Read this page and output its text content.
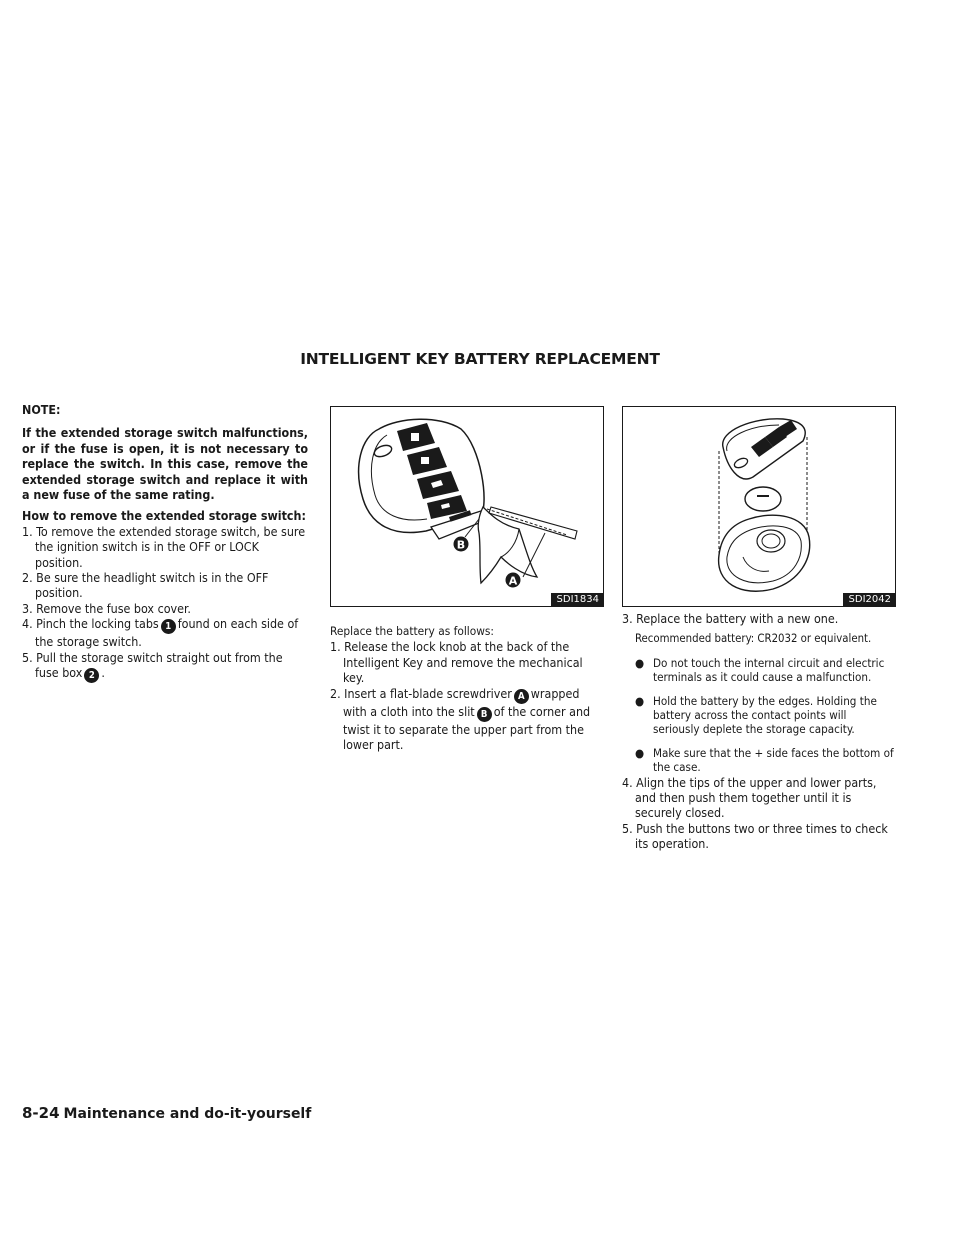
INTELLIGENT KEY BATTERY REPLACEMENT

NOTE:

If the extended storage switch malfunctions, or if the fuse is open, it is not necessary to replace the switch. In this case, remove the extended storage switch and replace it with a new fuse of the same rating.

How to remove the extended storage switch:

1. To remove the extended storage switch, be sure the ignition switch is in the OFF or LOCK position.

2. Be sure the headlight switch is in the OFF position.

3. Remove the fuse box cover.

4. Pinch the locking tabs 1 found on each side of the storage switch.

5. Pull the storage switch straight out from the fuse box 2 .

B
A
SDI1834

Replace the battery as follows:

1. Release the lock knob at the back of the Intelligent Key and remove the mechanical key.

2. Insert a flat-blade screwdriver A wrapped with a cloth into the slit B of the corner and twist it to separate the upper part from the lower part.

SDI2042

3. Replace the battery with a new one.

Recommended battery: CR2032 or equivalent.

● Do not touch the internal circuit and electric terminals as it could cause a malfunction.

● Hold the battery by the edges. Holding the battery across the contact points will seriously deplete the storage capacity.

● Make sure that the + side faces the bottom of the case.

4. Align the tips of the upper and lower parts, and then push them together until it is securely closed.

5. Push the buttons two or three times to check its operation.

8-24 Maintenance and do-it-yourself
